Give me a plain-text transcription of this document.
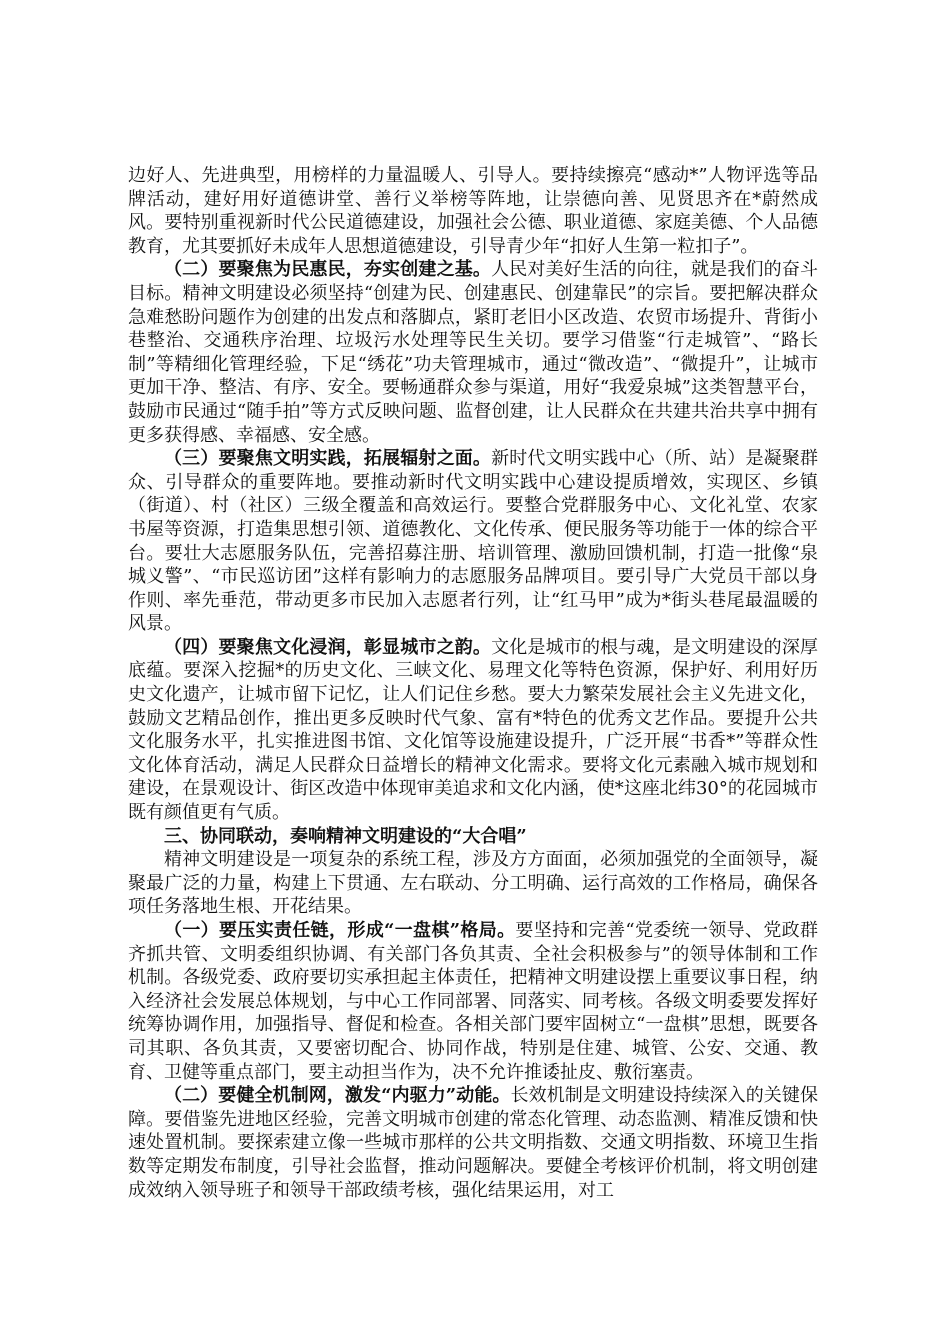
边好人、先进典型，用榜样的力量温暖人、引导人。要持续擦亮“感动*”人物评选等品牌活动，建好用好道德讲堂、善行义举榜等阵地，让崇德向善、见贤思齐在*蔚然成风。要特别重视新时代公民道德建设，加强社会公德、职业道德、家庭美德、个人品德教育，尤其要抓好未成年人思想道德建设，引导青少年“扣好人生第一粒扣子”。

（二）要聚焦为民惠民，夯实创建之基。人民对美好生活的向往，就是我们的奋斗目标。精神文明建设必须坚持“创建为民、创建惠民、创建靠民”的宗旨。要把解决群众急难愁盼问题作为创建的出发点和落脚点，紧盯老旧小区改造、农贸市场提升、背街小巷整治、交通秩序治理、垃圾污水处理等民生关切。要学习借鉴“行走城管”、“路长制”等精细化管理经验，下足“绣花”功夫管理城市，通过“微改造”、“微提升”，让城市更加干净、整洁、有序、安全。要畅通群众参与渠道，用好“我爱泉城”这类智慧平台，鼓励市民通过“随手拍”等方式反映问题、监督创建，让人民群众在共建共治共享中拥有更多获得感、幸福感、安全感。

（三）要聚焦文明实践，拓展辐射之面。新时代文明实践中心（所、站）是凝聚群众、引导群众的重要阵地。要推动新时代文明实践中心建设提质增效，实现区、乡镇（街道）、村（社区）三级全覆盖和高效运行。要整合党群服务中心、文化礼堂、农家书屋等资源，打造集思想引领、道德教化、文化传承、便民服务等功能于一体的综合平台。要壮大志愿服务队伍，完善招募注册、培训管理、激励回馈机制，打造一批像“泉城义警”、“市民巡访团”这样有影响力的志愿服务品牌项目。要引导广大党员干部以身作则、率先垂范，带动更多市民加入志愿者行列，让“红马甲”成为*街头巷尾最温暖的风景。

（四）要聚焦文化浸润，彰显城市之韵。文化是城市的根与魂，是文明建设的深厚底蕴。要深入挖掘*的历史文化、三峡文化、易理文化等特色资源，保护好、利用好历史文化遗产，让城市留下记忆，让人们记住乡愁。要大力繁荣发展社会主义先进文化，鼓励文艺精品创作，推出更多反映时代气象、富有*特色的优秀文艺作品。要提升公共文化服务水平，扎实推进图书馆、文化馆等设施建设提升，广泛开展“书香*”等群众性文化体育活动，满足人民群众日益增长的精神文化需求。要将文化元素融入城市规划和建设，在景观设计、街区改造中体现审美追求和文化内涵，使*这座北纬30°的花园城市既有颜值更有气质。

三、协同联动，奏响精神文明建设的“大合唱”

精神文明建设是一项复杂的系统工程，涉及方方面面，必须加强党的全面领导，凝聚最广泛的力量，构建上下贯通、左右联动、分工明确、运行高效的工作格局，确保各项任务落地生根、开花结果。

（一）要压实责任链，形成“一盘棋”格局。要坚持和完善“党委统一领导、党政群齐抓共管、文明委组织协调、有关部门各负其责、全社会积极参与”的领导体制和工作机制。各级党委、政府要切实承担起主体责任，把精神文明建设摆上重要议事日程，纳入经济社会发展总体规划，与中心工作同部署、同落实、同考核。各级文明委要发挥好统筹协调作用，加强指导、督促和检查。各相关部门要牢固树立“一盘棋”思想，既要各司其职、各负其责，又要密切配合、协同作战，特别是住建、城管、公安、交通、教育、卫健等重点部门，要主动担当作为，决不允许推诿扯皮、敷衍塞责。

（二）要健全机制网，激发“内驱力”动能。长效机制是文明建设持续深入的关键保障。要借鉴先进地区经验，完善文明城市创建的常态化管理、动态监测、精准反馈和快速处置机制。要探索建立像一些城市那样的公共文明指数、交通文明指数、环境卫生指数等定期发布制度，引导社会监督，推动问题解决。要健全考核评价机制，将文明创建成效纳入领导班子和领导干部政绩考核，强化结果运用，对工
